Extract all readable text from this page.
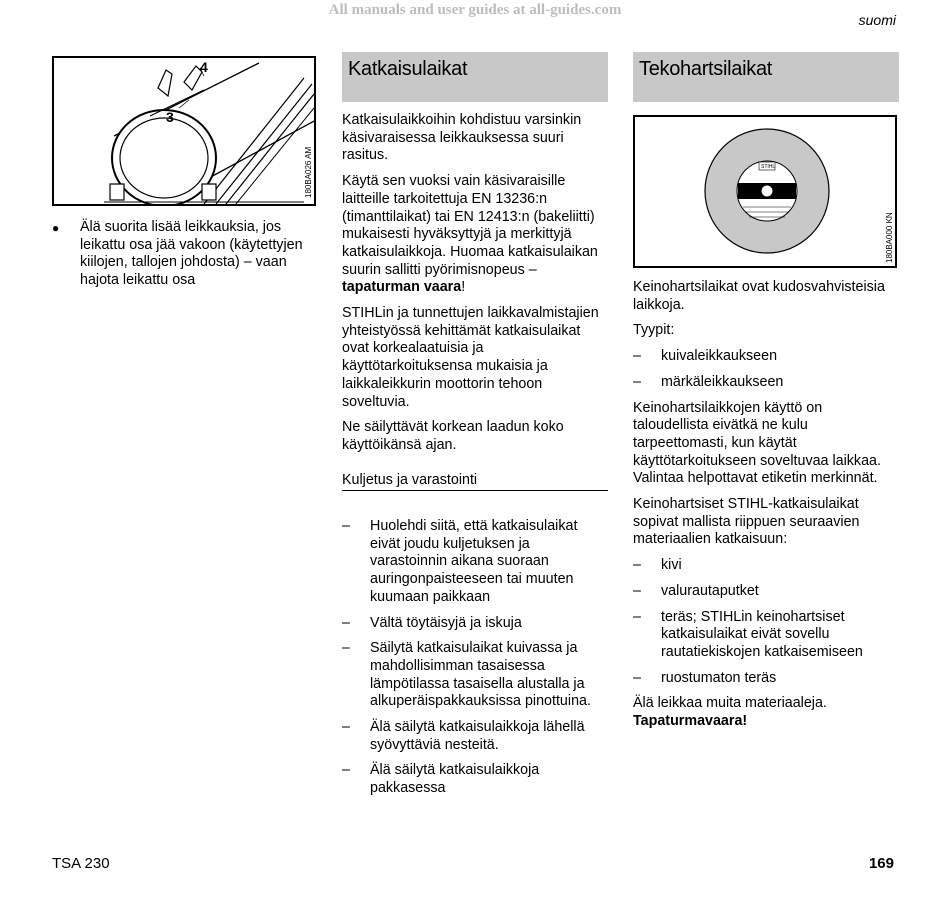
All manuals and user guides at all-guides.com
suomi
4
3
180BA026 AM
● Älä suorita lisää leikkauksia, jos leikattu osa jää vakoon (käytettyjen kiilojen, tallojen johdosta) – vaan hajota leikattu osa
Katkaisulaikat

Katkaisulaikkoihin kohdistuu varsinkin käsivaraisessa leikkauksessa suuri rasitus.

Käytä sen vuoksi vain käsivaraisille laitteille tarkoitettuja EN 13236:n (timanttilaikat) tai EN 12413:n (bakeliitti) mukaisesti hyväksyttyjä ja merkittyjä katkaisulaikkoja. Huomaa katkaisulaikan suurin sallitti pyörimisnopeus – tapaturman vaara!

STIHLin ja tunnettujen laikkavalmistajien yhteistyössä kehittämät katkaisulaikat ovat korkealaatuisia ja käyttötarkoituksensa mukaisia ja laikkaleikkurin moottorin tehoon soveltuvia.

Ne säilyttävät korkean laadun koko käyttöikänsä ajan.

Kuljetus ja varastointi
– Huolehdi siitä, että katkaisulaikat eivät joudu kuljetuksen ja varastoinnin aikana suoraan auringonpaisteeseen tai muuten kuumaan paikkaan
– Vältä töytäisyjä ja iskuja
– Säilytä katkaisulaikat kuivassa ja mahdollisimman tasaisessa lämpötilassa tasaisella alustalla ja alkuperäispakkauksissa pinottuina.
– Älä säilytä katkaisulaikkoja lähellä syövyttäviä nesteitä.
– Älä säilytä katkaisulaikkoja pakkasessa
Tekohartsilaikat
STIHL
180BA000 KN

Keinohartsilaikat ovat kudosvahvisteisia laikkoja.

Tyypit:

– kuivaleikkaukseen
– märkäleikkaukseen

Keinohartsilaikkojen käyttö on taloudellista eivätkä ne kulu tarpeettomasti, kun käytät käyttötarkoitukseen soveltuvaa laikkaa. Valintaa helpottavat etiketin merkinnät.

Keinohartsiset STIHL-katkaisulaikat sopivat mallista riippuen seuraavien materiaalien katkaisuun:

– kivi
– valurautaputket
– teräs; STIHLin keinohartsiset katkaisulaikat eivät sovellu rautatiekiskojen katkaisemiseen
– ruostumaton teräs

Älä leikkaa muita materiaaleja.

Tapaturmavaara!

TSA 230	169
